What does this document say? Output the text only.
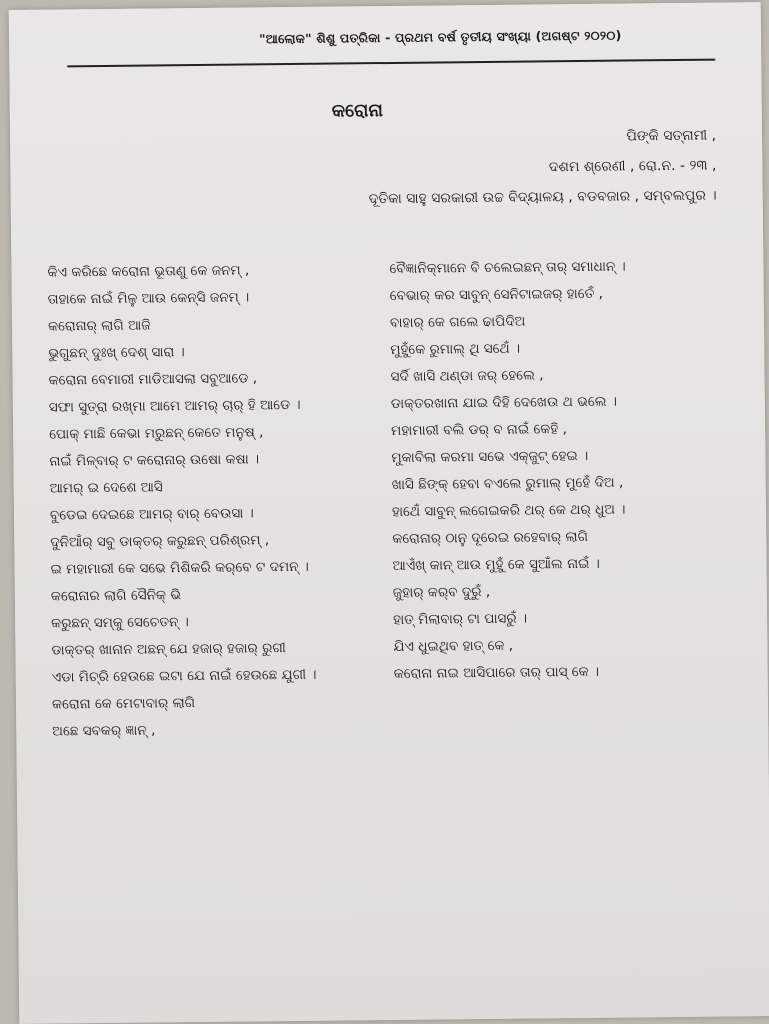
"ଆଲୋକ" ଶିଶୁ ପତ୍ରିକା - ପ୍ରଥମ ବର୍ଷ ତୃତୀୟ ସଂଖ୍ୟା (ଅଗଷ୍ଟ ୨୦୨୦)
କରୋନା
ପିଙ୍କି ସତ୍‌ନାମୀ ,
ଦଶମ ଶ୍ରେଣୀ , ରୋ.ନ. - ୨୩ ,
ଦୂତିକା ସାହୁ ସରକାରୀ ଉଚ୍ଚ ବିଦ୍ୟାଳୟ , ବଡବଜାର , ସମ୍ବଲପୁର ।
କିଏ କରିଛେ କରୋନା ଭୂତାଣୁ କେ ଜନମ୍ ,
ତାହାକେ ନାଇଁ ମିଳୁ ଆଉ କେନ୍‌ସି ଜନମ୍ ।
କରୋନାର୍ ଲାଗି ଆଜି
ଭୁଗୁଛନ୍ ଦୁଃଖ୍ ଦେଶ୍ ସାରା ।
କରୋନା ବେମାରୀ ମାଡିଆସଲା ସବୁଆଡେ ,
ସଫା ସୁତ୍‌ରା ରଖ୍‌ମା ଆମେ ଆମର୍ ଚାର୍ ହି ଆଡେ ।
ପୋକ୍ ମାଛି କେଭା ମରୁଛନ୍ କେତେ ମନୁଷ୍ ,
ନାଇଁ ମିଳ୍‌ବାର୍ ଟ କରୋନାର୍ ଉଷୋ କଷା ।
ଆମର୍ ଇ ଦେଶେ ଆସି
ବୁଡେଇ ଦେଇଛେ ଆମର୍ ବାର୍ ବେଉସା ।
ଦୁନିଆଁର୍ ସବୁ ଡାକ୍ତର୍ କରୁଛନ୍ ପରିଶ୍ରମ୍ ,
ଇ ମହାମାରୀ କେ ସଭେ ମିଶିକରି କର୍‌ବେ ଟ ଦମନ୍ ।
କରୋନାର ଲାଗି ସୈନିକ୍ ଭି
କରୁଛନ୍ ସମ୍‌କୁ ସେଚେତନ୍ ।
ଡାକ୍ତର୍ ଖାନାନ ଅଛନ୍ ଯେ ହଜାର୍ ହଜାର୍ ରୁଗୀ
ଏଡା ମିଚ୍‌ରି ହେଉଛେ ଇଟା ଯେ ନାଇଁ ହେଉଛେ ଯୁଗୀ ।
କରୋନା କେ ମେଟାବାର୍ ଲାଗି
ଅଛେ ସବକର୍ ଜ୍ଞାନ୍ ,
ବୈଜ୍ଞାନିକ୍‌ମାନେ ବି ଚଲେଇଛନ୍ ତାର୍ ସମାଧାନ୍ ।
ବେଭାର୍ କର ସାବୁନ୍ ସେନିଟାଇଜର୍ ହାତେଁ ,
ବାହାର୍ କେ ଗଲେ ଢାପିଦିଅ
ମୁହୁଁକେ ରୁମାଲ୍ ଥି ସଥେଁ ।
ସର୍ଦି ଖାସି ଥଣ୍ଡା ଜର୍ ହେଲେ ,
ଡାକ୍ତରଖାନା ଯାଇ ଦିହି ଦେଖେଉ ଥ ଭଲେ ।
ମହାମାରୀ ବଲି ଡର୍ ବ ନାଇଁ କେହି ,
ମୁକାବିଲା କରମା ସଭେ ଏକ୍‌ଜୁଟ୍ ହେଇ ।
ଖାସି ଛିଙ୍କ୍ ହେବା ବଏଲେ ରୁମାଲ୍ ମୁହେଁ ଦିଅ ,
ହାଥେଁ ସାବୁନ୍ ଲଗେଇକରି ଥର୍ କେ ଥର୍ ଧୁଅ ।
କରୋନାର୍ ଠାନୁ ଦୂରେଇ ରହେବାର୍ ଲାଗି
ଆଏଁଖ୍ କାନ୍ ଆଉ ମୁହୁଁ କେ ସୁଆଁଲ ନାଇଁ ।
ଜୁହାର୍ କର୍‌ବ ଦୁରୁଁ ,
ହାତ୍ ମିଲାବାର୍ ଟା ପାସରୁଁ ।
ଯିଏ ଧୁଇଥିବ ହାତ୍ କେ ,
କରୋନା ନାଇ ଆସିପାରେ ତାର୍ ପାସ୍ କେ ।
